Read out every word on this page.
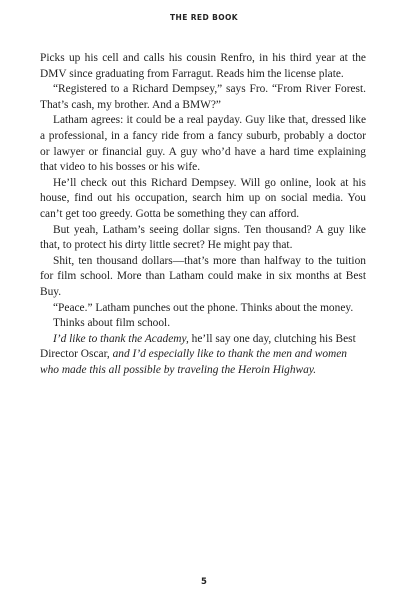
THE RED BOOK

Picks up his cell and calls his cousin Renfro, in his third year at the DMV since graduating from Farragut. Reads him the license plate.

“Registered to a Richard Dempsey,” says Fro. “From River Forest. That’s cash, my brother. And a BMW?”

Latham agrees: it could be a real payday. Guy like that, dressed like a professional, in a fancy ride from a fancy suburb, probably a doctor or lawyer or financial guy. A guy who’d have a hard time explaining that video to his bosses or his wife.

He’ll check out this Richard Dempsey. Will go online, look at his house, find out his occupation, search him up on social media. You can’t get too greedy. Gotta be something they can afford.

But yeah, Latham’s seeing dollar signs. Ten thousand? A guy like that, to protect his dirty little secret? He might pay that.

Shit, ten thousand dollars—that’s more than halfway to the tuition for film school. More than Latham could make in six months at Best Buy.

“Peace.” Latham punches out the phone. Thinks about the money.

Thinks about film school.

I’d like to thank the Academy, he’ll say one day, clutching his Best Director Oscar, and I’d especially like to thank the men and women who made this all possible by traveling the Heroin Highway.

5
